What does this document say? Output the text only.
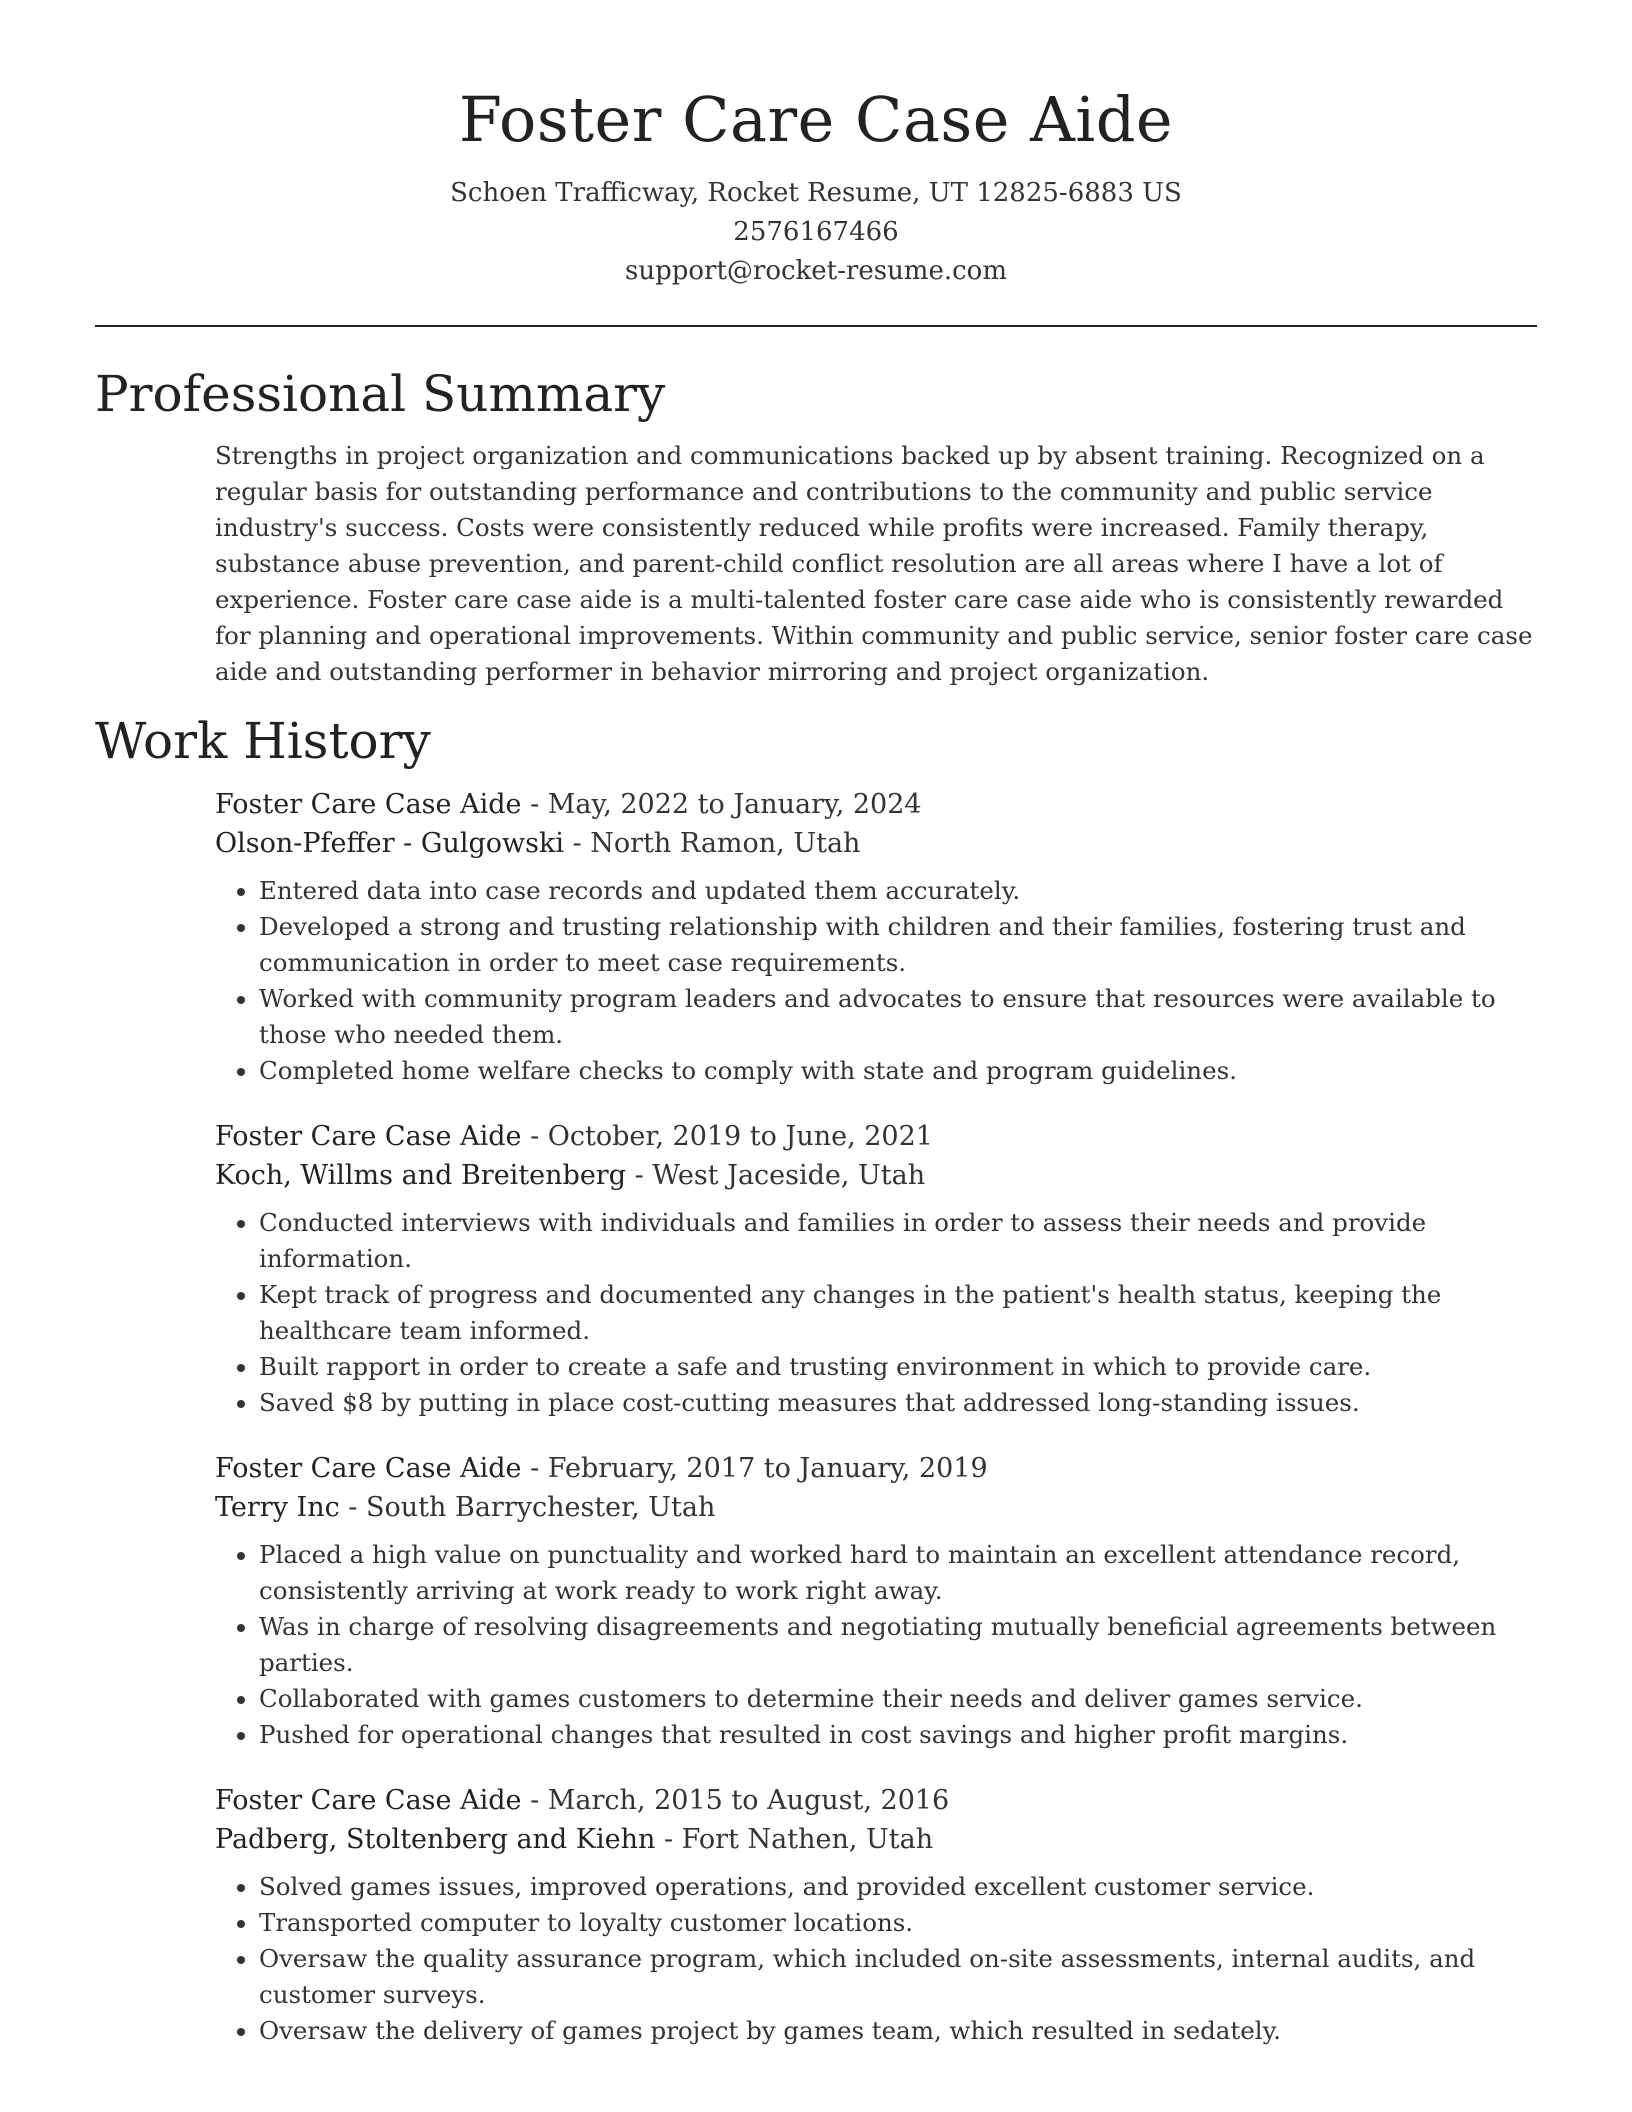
Foster Care Case Aide
Schoen Trafficway, Rocket Resume, UT 12825-6883 US
2576167466
support@rocket-resume.com
Professional Summary

Strengths in project organization and communications backed up by absent training. Recognized on a regular basis for outstanding performance and contributions to the community and public service industry's success. Costs were consistently reduced while profits were increased. Family therapy, substance abuse prevention, and parent-child conflict resolution are all areas where I have a lot of experience. Foster care case aide is a multi-talented foster care case aide who is consistently rewarded for planning and operational improvements. Within community and public service, senior foster care case aide and outstanding performer in behavior mirroring and project organization.

Work History
Foster Care Case Aide - May, 2022 to January, 2024
Olson-Pfeffer - Gulgowski - North Ramon, Utah
• Entered data into case records and updated them accurately.
• Developed a strong and trusting relationship with children and their families, fostering trust and communication in order to meet case requirements.
• Worked with community program leaders and advocates to ensure that resources were available to those who needed them.
• Completed home welfare checks to comply with state and program guidelines.
Foster Care Case Aide - October, 2019 to June, 2021
Koch, Willms and Breitenberg - West Jaceside, Utah
• Conducted interviews with individuals and families in order to assess their needs and provide information.
• Kept track of progress and documented any changes in the patient's health status, keeping the healthcare team informed.
• Built rapport in order to create a safe and trusting environment in which to provide care.
• Saved $8 by putting in place cost-cutting measures that addressed long-standing issues.
Foster Care Case Aide - February, 2017 to January, 2019
Terry Inc - South Barrychester, Utah
• Placed a high value on punctuality and worked hard to maintain an excellent attendance record, consistently arriving at work ready to work right away.
• Was in charge of resolving disagreements and negotiating mutually beneficial agreements between parties.
• Collaborated with games customers to determine their needs and deliver games service.
• Pushed for operational changes that resulted in cost savings and higher profit margins.
Foster Care Case Aide - March, 2015 to August, 2016
Padberg, Stoltenberg and Kiehn - Fort Nathen, Utah
• Solved games issues, improved operations, and provided excellent customer service.
• Transported computer to loyalty customer locations.
• Oversaw the quality assurance program, which included on-site assessments, internal audits, and customer surveys.
• Oversaw the delivery of games project by games team, which resulted in sedately.
